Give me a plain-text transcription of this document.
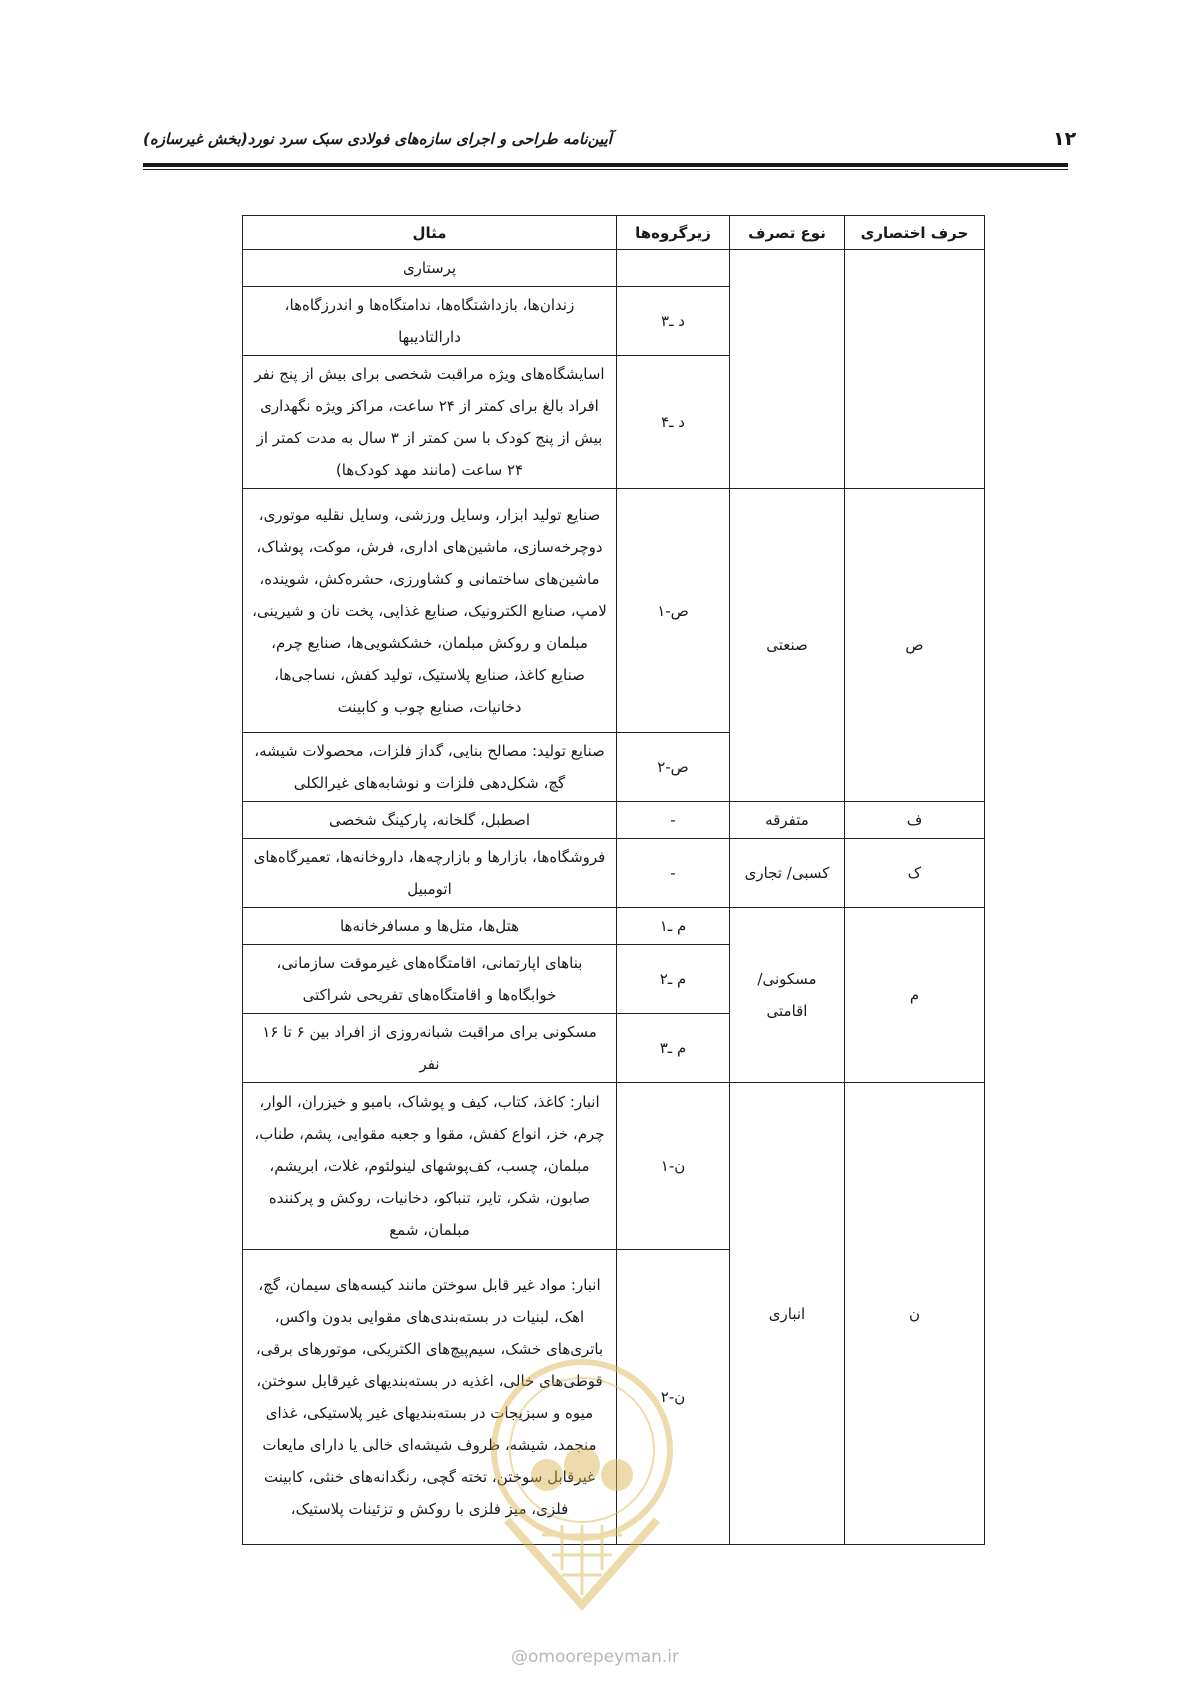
۱۲
آیین‌نامه طراحی و اجرای سازه‌های فولادی سبک سرد نورد(بخش غیرسازه)
حرف اختصاری	نوع تصرف	زیرگروه‌ها	مثال
			پرستاری
		د ـ۳	زندان‌ها، بازداشتگاه‌ها، ندامتگاه‌ها و اندرزگاه‌ها، دارالتادیبها
		د ـ۴	اسایشگاه‌های ویژه مراقبت شخصی برای بیش از پنج نفر افراد بالغ برای کمتر از ۲۴ ساعت، مراکز ویژه نگهداری بیش از پنج کودک با سن کمتر از ۳ سال به مدت کمتر از ۲۴ ساعت (مانند مهد کودک‌ها)
ص	صنعتی	ص-۱	صنایع تولید ابزار، وسایل ورزشی، وسایل نقلیه موتوری، دوچرخه‌سازی، ماشین‌های اداری، فرش، موکت، پوشاک، ماشین‌های ساختمانی و کشاورزی، حشره‌کش، شوینده، لامپ، صنایع الکترونیک، صنایع غذایی، پخت نان و شیرینی، مبلمان و روکش مبلمان، خشکشویی‌ها، صنایع چرم، صنایع کاغذ، صنایع پلاستیک، تولید کفش، نساجی‌ها، دخانیات، صنایع چوب و کابینت
		ص-۲	صنایع تولید: مصالح بنایی، گداز فلزات، محصولات شیشه، گچ، شکل‌دهی فلزات و نوشابه‌های غیرالکلی
ف	متفرقه	-	اصطبل، گلخانه، پارکینگ شخصی
ک	کسبی/ تجاری	-	فروشگاه‌ها، بازارها و بازارچه‌ها، داروخانه‌ها، تعمیرگاه‌های اتومبیل
م	مسکونی/ اقامتی	م ـ۱	هتل‌ها، متل‌ها و مسافرخانه‌ها
		م ـ۲	بناهای اپارتمانی، اقامتگاه‌های غیرموقت سازمانی، خوابگاه‌ها و اقامتگاه‌های تفریحی شراکتی
		م ـ۳	مسکونی برای مراقبت شبانه‌روزی از افراد بین ۶ تا ۱۶ نفر
ن	انباری	ن-۱	انبار: کاغذ، کتاب، کیف و پوشاک، بامبو و خیزران، الوار، چرم، خز، انواع کفش، مقوا و جعبه مقوایی، پشم، طناب، مبلمان، چسب، کف‌پوشهای لینولئوم، غلات، ابریشم، صابون، شکر، تایر، تنباکو، دخانیات، روکش و پرکننده مبلمان، شمع
		ن-۲	انبار: مواد غیر قابل سوختن مانند کیسه‌های سیمان، گچ، اهک، لبنیات در بسته‌بندی‌های مقوایی بدون واکس، باتری‌های خشک، سیم‌پیچ‌های الکتریکی، موتورهای برقی، قوطی‌های خالی، اغذیه در بسته‌بندیهای غیرقابل سوختن، میوه و سبزیجات در بسته‌بندیهای غیر پلاستیکی، غذای منجمد، شیشه، ظروف شیشه‌ای خالی یا دارای مایعات غیرقابل سوختن، تخته گچی، رنگدانه‌های خنثی، کابینت فلزی، میز فلزی با روکش و تزئینات پلاستیک،
@omoorepeyman.ir
